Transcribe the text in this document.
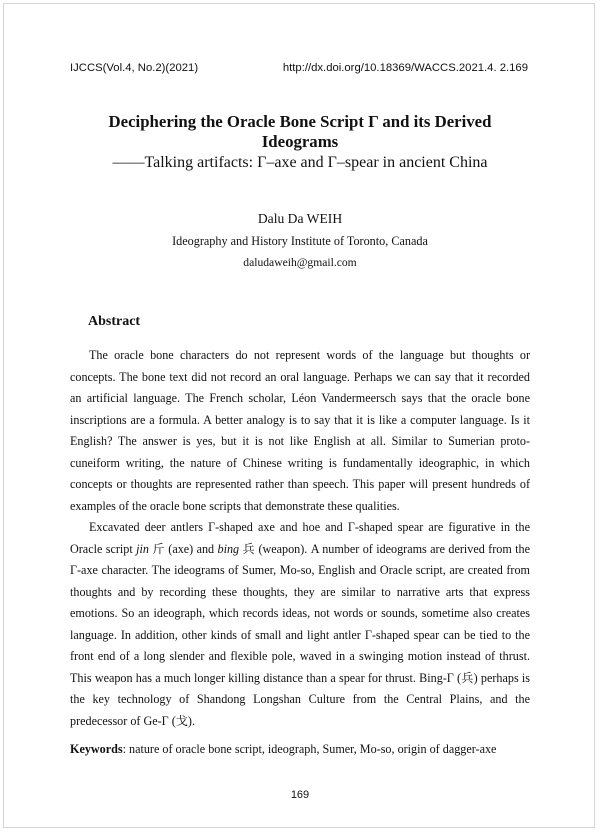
IJCCS(Vol.4, No.2)(2021)	http://dx.doi.org/10.18369/WACCS.2021.4. 2.169
Deciphering the Oracle Bone Script Γ and its Derived Ideograms
——Talking artifacts: Γ–axe and Γ–spear in ancient China
Dalu Da WEIH
Ideography and History Institute of Toronto, Canada
daludaweih@gmail.com
Abstract

The oracle bone characters do not represent words of the language but thoughts or concepts. The bone text did not record an oral language. Perhaps we can say that it recorded an artificial language. The French scholar, Léon Vandermeersch says that the oracle bone inscriptions are a formula. A better analogy is to say that it is like a computer language. Is it English? The answer is yes, but it is not like English at all. Similar to Sumerian proto-cuneiform writing, the nature of Chinese writing is fundamentally ideographic, in which concepts or thoughts are represented rather than speech. This paper will present hundreds of examples of the oracle bone scripts that demonstrate these qualities.

Excavated deer antlers Γ-shaped axe and hoe and Γ-shaped spear are figurative in the Oracle script jin 斤 (axe) and bing 兵 (weapon). A number of ideograms are derived from the Γ-axe character. The ideograms of Sumer, Mo-so, English and Oracle script, are created from thoughts and by recording these thoughts, they are similar to narrative arts that express emotions. So an ideograph, which records ideas, not words or sounds, sometime also creates language. In addition, other kinds of small and light antler Γ-shaped spear can be tied to the front end of a long slender and flexible pole, waved in a swinging motion instead of thrust. This weapon has a much longer killing distance than a spear for thrust. Bing-Γ (兵) perhaps is the key technology of Shandong Longshan Culture from the Central Plains, and the predecessor of Ge-Γ (戈).

Keywords: nature of oracle bone script, ideograph, Sumer, Mo-so, origin of dagger-axe
169
